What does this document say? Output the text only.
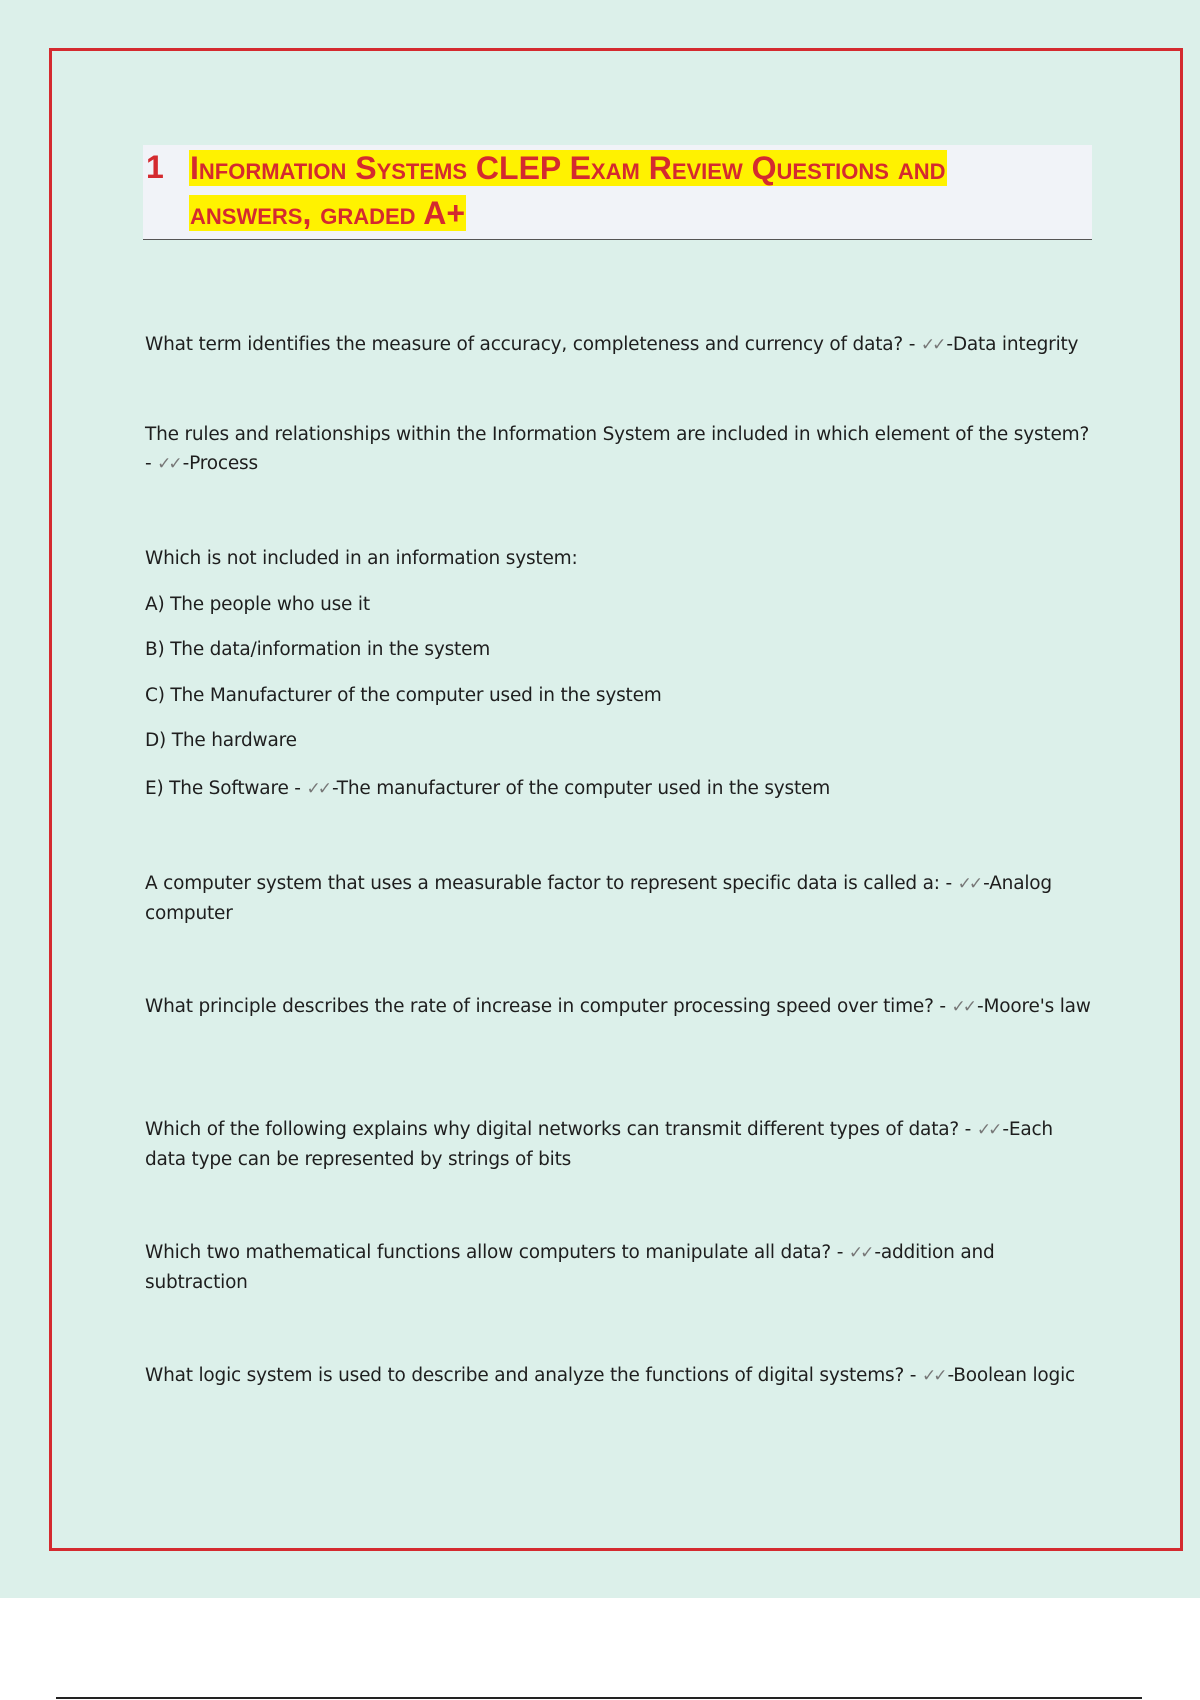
1 Information Systems CLEP Exam Review Questions and answers, graded A+
What term identifies the measure of accuracy, completeness and currency of data? - ✓✓ -Data integrity
The rules and relationships within the Information System are included in which element of the system? - ✓✓ -Process
Which is not included in an information system:
A) The people who use it
B) The data/information in the system
C) The Manufacturer of the computer used in the system
D) The hardware
E) The Software - ✓✓ -The manufacturer of the computer used in the system
A computer system that uses a measurable factor to represent specific data is called a: - ✓✓ -Analog computer
What principle describes the rate of increase in computer processing speed over time? - ✓✓ -Moore's law
Which of the following explains why digital networks can transmit different types of data? - ✓✓ -Each data type can be represented by strings of bits
Which two mathematical functions allow computers to manipulate all data? - ✓✓ -addition and subtraction
What logic system is used to describe and analyze the functions of digital systems? - ✓✓ -Boolean logic
